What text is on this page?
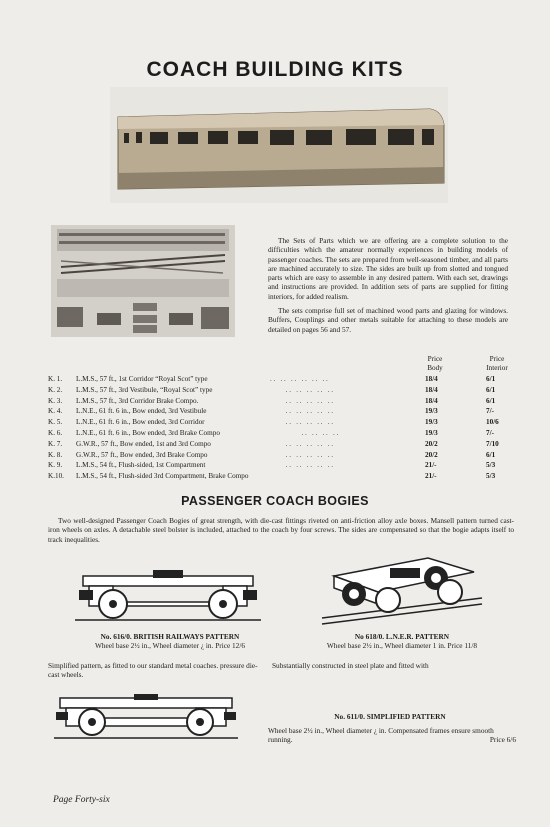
COACH BUILDING KITS

The Sets of Parts which we are offering are a complete solution to the difficulties which the amateur normally experiences in building models of passenger coaches. The sets are prepared from well-seasoned timber, and all parts are machined accurately to size. The sides are built up from slotted and tongued parts which are easy to assemble in any desired pattern. With each set, drawings and instructions are provided. In addition sets of parts are supplied for fitting interiors, for added realism.

The sets comprise full set of machined wood parts and glazing for windows. Buffers, Couplings and other metals suitable for attaching to these models are detailed on pages 56 and 57.

Price
Body
Price
Interior
K. 1. L.M.S., 57 ft., 1st Corridor “Royal Scot” type	18/4	6/1
K. 2. L.M.S., 57 ft., 3rd Vestibule, “Royal Scot” type	18/4	6/1
K. 3. L.M.S., 57 ft., 3rd Corridor Brake Compo.	18/4	6/1
K. 4. L.N.E., 61 ft. 6 in., Bow ended, 3rd Vestibule	19/3	7/-
K. 5. L.N.E., 61 ft. 6 in., Bow ended, 3rd Corridor	19/3	10/6
K. 6. L.N.E., 61 ft. 6 in., Bow ended, 3rd Brake Compo	19/3	7/-
K. 7. G.W.R., 57 ft., Bow ended, 1st and 3rd Compo	20/2	7/10
K. 8. G.W.R., 57 ft., Bow ended, 3rd Brake Compo	20/2	6/1
K. 9. L.M.S., 54 ft., Flush-sided, 1st Compartment	21/-	5/3
K.10. L.M.S., 54 ft., Flush-sided 3rd Compartment, Brake Compo	21/-	5/3
. .   . .   . .   . .   . .   . .
. .   . .   . .   . .   . .
. .   . .   . .   . .   . .
. .   . .   . .   . .   . .
. .   . .   . .   . .   . .
. .   . .   . .   . .
. .   . .   . .   . .   . .
. .   . .   . .   . .   . .
. .   . .   . .   . .   . .
PASSENGER COACH BOGIES
Two well-designed Passenger Coach Bogies of great strength, with die-cast fittings riveted on anti-friction alloy axle boxes. Mansell pattern turned cast-iron wheels on axles. A detachable steel bolster is included, attached to the coach by four screws. The sides are compensated so that the bogie adapts itself to track inequalities.
No. 616/0. BRITISH RAILWAYS PATTERN
Wheel base 2½ in., Wheel diameter ¿ in. Price 12/6
No 618/0. L.N.E.R. PATTERN
Wheel base 2½ in., Wheel diameter 1 in. Price 11/8
Simplified pattern, as fitted to our standard metal coaches. pressure die-cast wheels.
Substantially constructed in steel plate and fitted with
No. 611/0. SIMPLIFIED PATTERN
Wheel base 2½ in., Wheel diameter ¿ in. Compensated frames ensure smooth running.	Price 6/6
Page Forty-six
